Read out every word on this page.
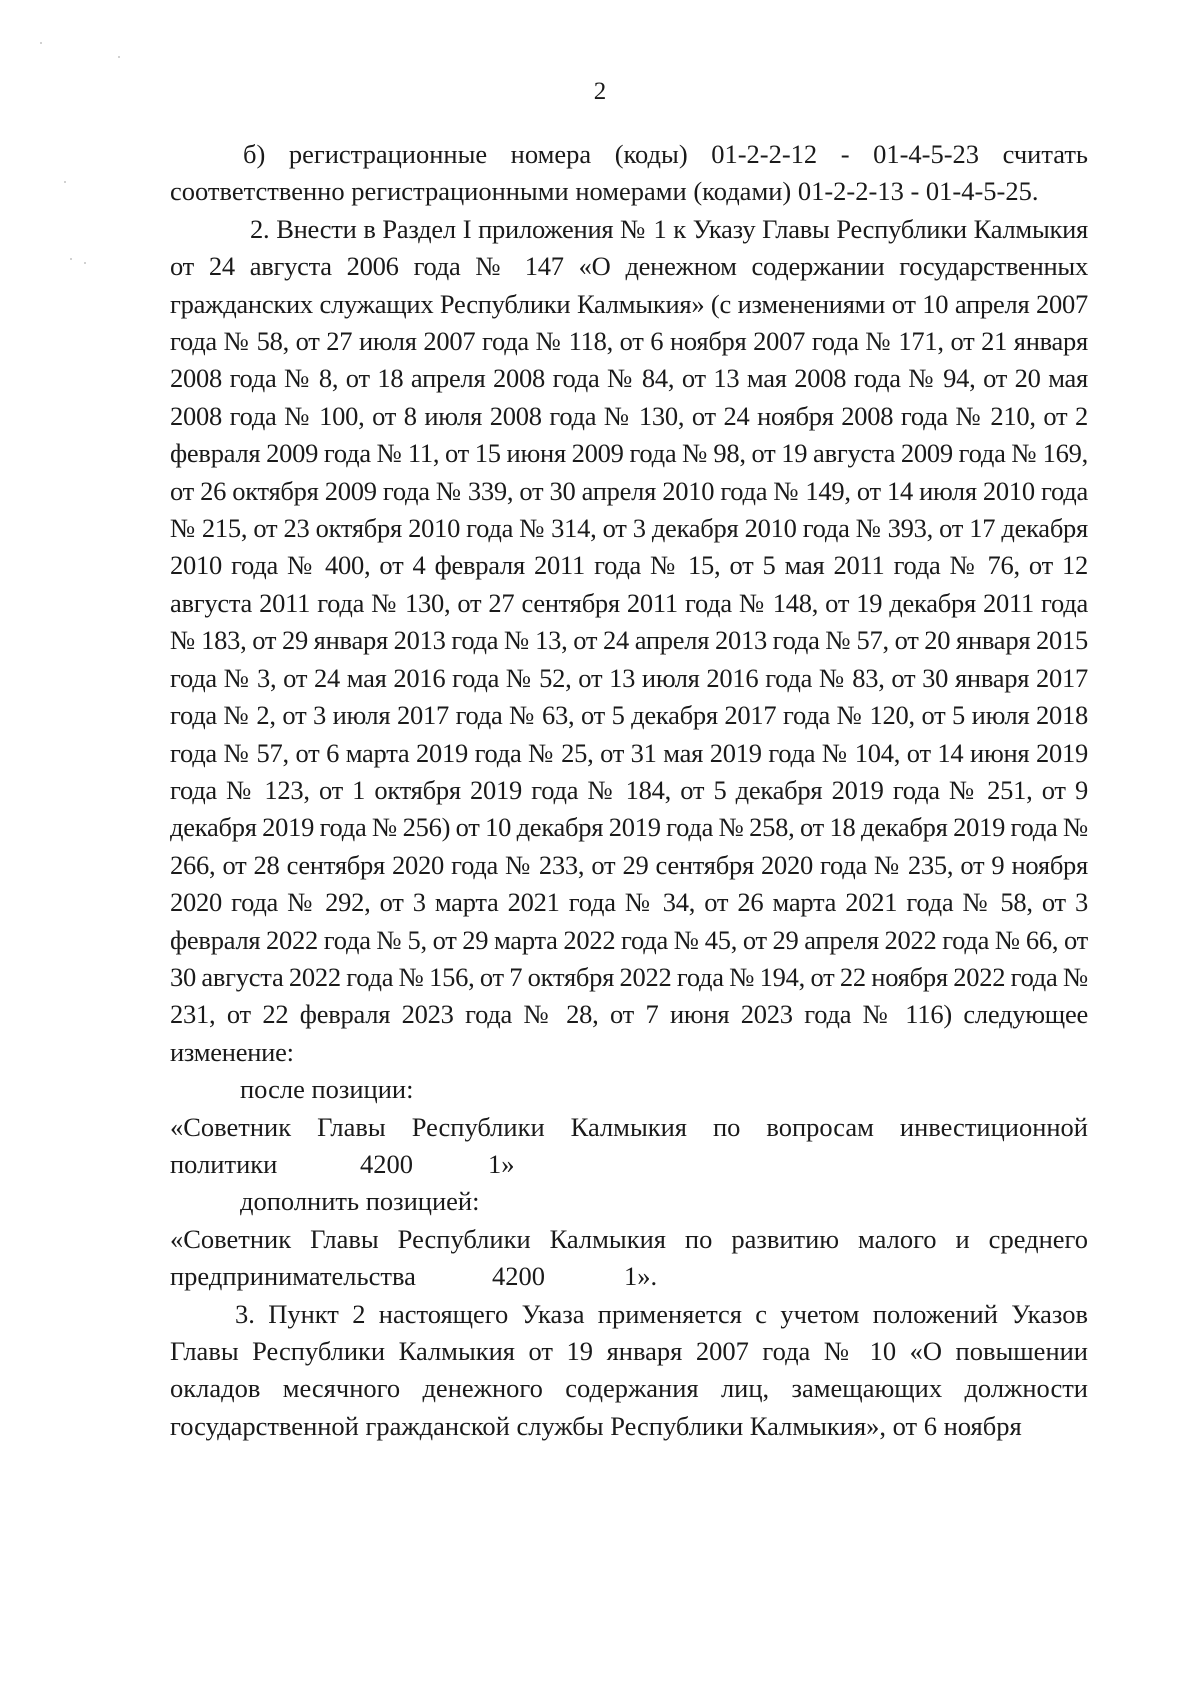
2

б) регистрационные номера (коды) 01-2-2-12 - 01-4-5-23 считать соответственно регистрационными номерами (кодами) 01-2-2-13 - 01-4-5-25.

2. Внести в Раздел I приложения № 1 к Указу Главы Республики Калмыкия от 24 августа 2006 года № 147 «О денежном содержании государственных гражданских служащих Республики Калмыкия» (с изменениями от 10 апреля 2007 года № 58, от 27 июля 2007 года № 118, от 6 ноября 2007 года № 171, от 21 января 2008 года № 8, от 18 апреля 2008 года № 84, от 13 мая 2008 года № 94, от 20 мая 2008 года № 100, от 8 июля 2008 года № 130, от 24 ноября 2008 года № 210, от 2 февраля 2009 года № 11, от 15 июня 2009 года № 98, от 19 августа 2009 года № 169, от 26 октября 2009 года № 339, от 30 апреля 2010 года № 149, от 14 июля 2010 года № 215, от 23 октября 2010 года № 314, от 3 декабря 2010 года № 393, от 17 декабря 2010 года № 400, от 4 февраля 2011 года № 15, от 5 мая 2011 года № 76, от 12 августа 2011 года № 130, от 27 сентября 2011 года № 148, от 19 декабря 2011 года № 183, от 29 января 2013 года № 13, от 24 апреля 2013 года № 57, от 20 января 2015 года № 3, от 24 мая 2016 года № 52, от 13 июля 2016 года № 83, от 30 января 2017 года № 2, от 3 июля 2017 года № 63, от 5 декабря 2017 года № 120, от 5 июля 2018 года № 57, от 6 марта 2019 года № 25, от 31 мая 2019 года № 104, от 14 июня 2019 года № 123, от 1 октября 2019 года № 184, от 5 декабря 2019 года № 251, от 9 декабря 2019 года № 256) от 10 декабря 2019 года № 258, от 18 декабря 2019 года № 266, от 28 сентября 2020 года № 233, от 29 сентября 2020 года № 235, от 9 ноября 2020 года № 292, от 3 марта 2021 года № 34, от 26 марта 2021 года № 58, от 3 февраля 2022 года № 5, от 29 марта 2022 года № 45, от 29 апреля 2022 года № 66, от 30 августа 2022 года № 156, от 7 октября 2022 года № 194, от 22 ноября 2022 года № 231, от 22 февраля 2023 года № 28, от 7 июня 2023 года № 116) следующее изменение:

после позиции:

«Советник Главы Республики Калмыкия по вопросам инвестиционной

политики	4200	1»

дополнить позицией:

«Советник Главы Республики Калмыкия по развитию малого и среднего

предпринимательства	4200	1».

3. Пункт 2 настоящего Указа применяется с учетом положений Указов Главы Республики Калмыкия от 19 января 2007 года № 10 «О повышении окладов месячного денежного содержания лиц, замещающих должности государственной гражданской службы Республики Калмыкия», от 6 ноября
